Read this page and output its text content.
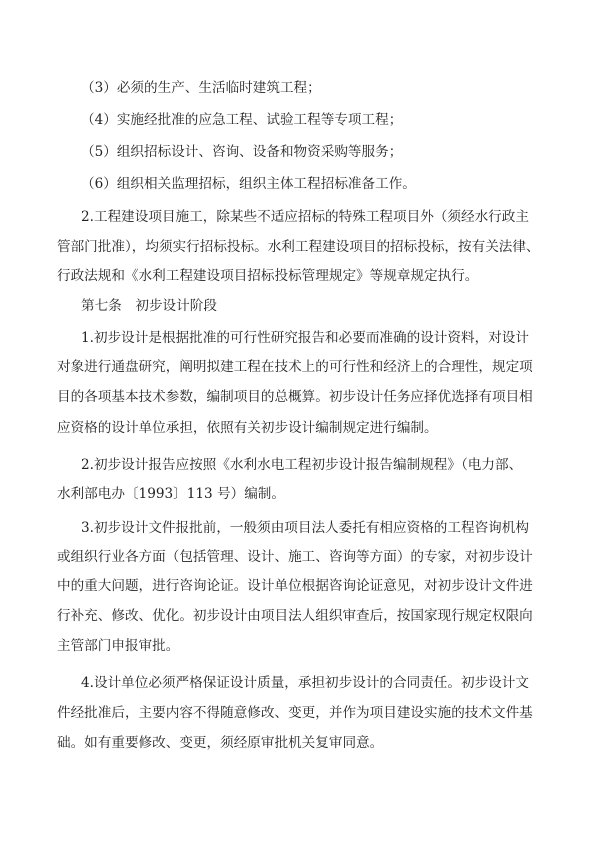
（3）必须的生产、生活临时建筑工程；
（4）实施经批准的应急工程、试验工程等专项工程；
（5）组织招标设计、咨询、设备和物资采购等服务；
（6）组织相关监理招标，组织主体工程招标准备工作。
2.工程建设项目施工，除某些不适应招标的特殊工程项目外（须经水行政主
管部门批准），均须实行招标投标。水利工程建设项目的招标投标，按有关法律、
行政法规和《水利工程建设项目招标投标管理规定》等规章规定执行。
第七条　初步设计阶段
1.初步设计是根据批准的可行性研究报告和必要而准确的设计资料，对设计
对象进行通盘研究，阐明拟建工程在技术上的可行性和经济上的合理性，规定项
目的各项基本技术参数，编制项目的总概算。初步设计任务应择优选择有项目相
应资格的设计单位承担，依照有关初步设计编制规定进行编制。
2.初步设计报告应按照《水利水电工程初步设计报告编制规程》（电力部、
水利部电办〔1993〕113 号）编制。
3.初步设计文件报批前，一般须由项目法人委托有相应资格的工程咨询机构
或组织行业各方面（包括管理、设计、施工、咨询等方面）的专家，对初步设计
中的重大问题，进行咨询论证。设计单位根据咨询论证意见，对初步设计文件进
行补充、修改、优化。初步设计由项目法人组织审查后，按国家现行规定权限向
主管部门申报审批。
4.设计单位必须严格保证设计质量，承担初步设计的合同责任。初步设计文
件经批准后，主要内容不得随意修改、变更，并作为项目建设实施的技术文件基
础。如有重要修改、变更，须经原审批机关复审同意。
